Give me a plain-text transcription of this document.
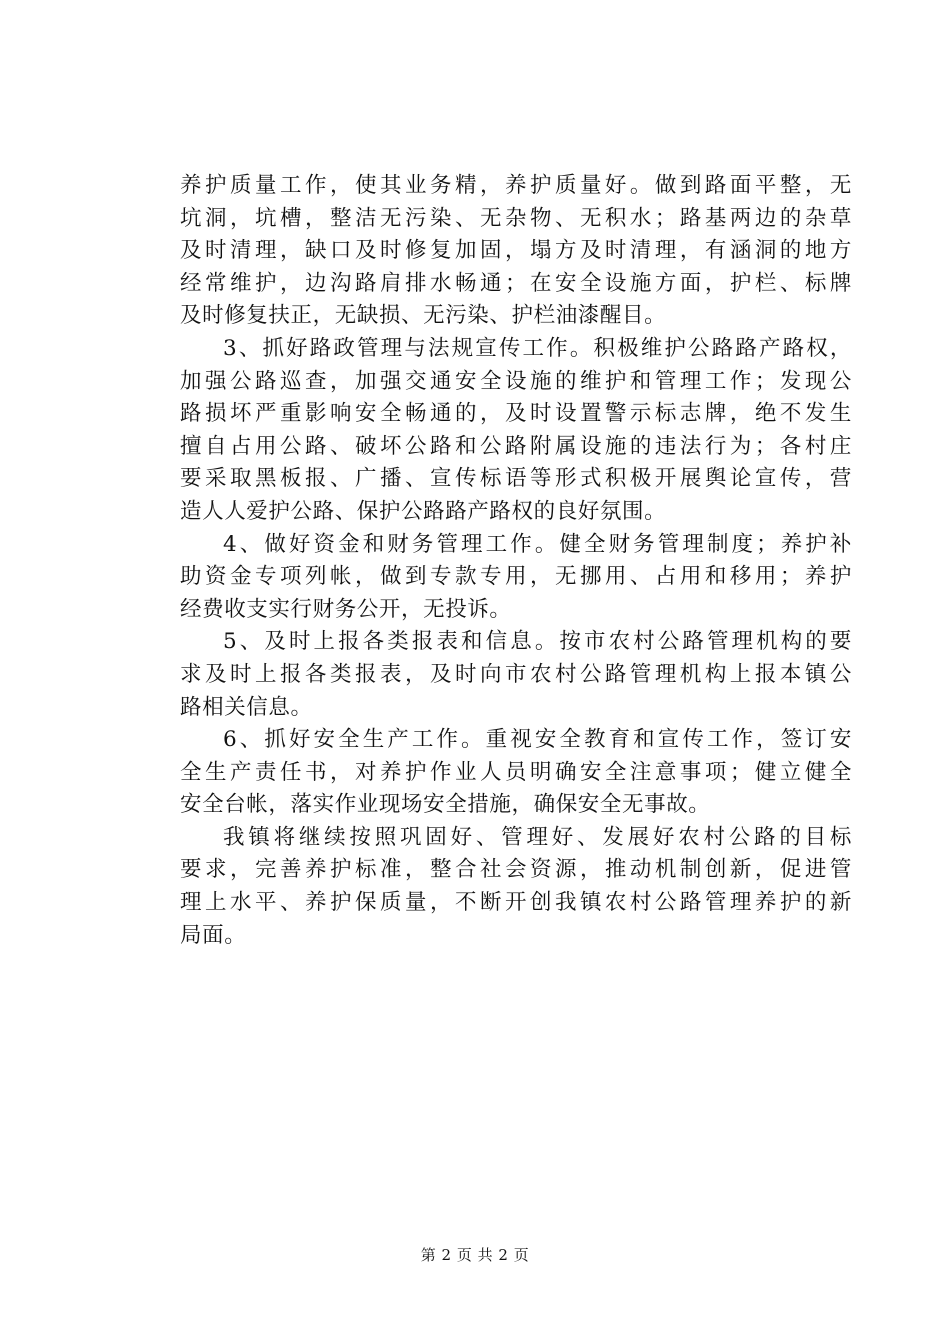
养护质量工作，使其业务精，养护质量好。做到路面平整，无
坑洞，坑槽，整洁无污染、无杂物、无积水；路基两边的杂草
及时清理，缺口及时修复加固，塌方及时清理，有涵洞的地方
经常维护，边沟路肩排水畅通；在安全设施方面，护栏、标牌
及时修复扶正，无缺损、无污染、护栏油漆醒目。
3、抓好路政管理与法规宣传工作。积极维护公路路产路权，
加强公路巡查，加强交通安全设施的维护和管理工作；发现公
路损坏严重影响安全畅通的，及时设置警示标志牌，绝不发生
擅自占用公路、破坏公路和公路附属设施的违法行为；各村庄
要采取黑板报、广播、宣传标语等形式积极开展舆论宣传，营
造人人爱护公路、保护公路路产路权的良好氛围。
4、做好资金和财务管理工作。健全财务管理制度；养护补
助资金专项列帐，做到专款专用，无挪用、占用和移用；养护
经费收支实行财务公开，无投诉。
5、及时上报各类报表和信息。按市农村公路管理机构的要
求及时上报各类报表，及时向市农村公路管理机构上报本镇公
路相关信息。
6、抓好安全生产工作。重视安全教育和宣传工作，签订安
全生产责任书，对养护作业人员明确安全注意事项；健立健全
安全台帐，落实作业现场安全措施，确保安全无事故。
我镇将继续按照巩固好、管理好、发展好农村公路的目标
要求，完善养护标准，整合社会资源，推动机制创新，促进管
理上水平、养护保质量，不断开创我镇农村公路管理养护的新
局面。
第 2 页 共 2 页
